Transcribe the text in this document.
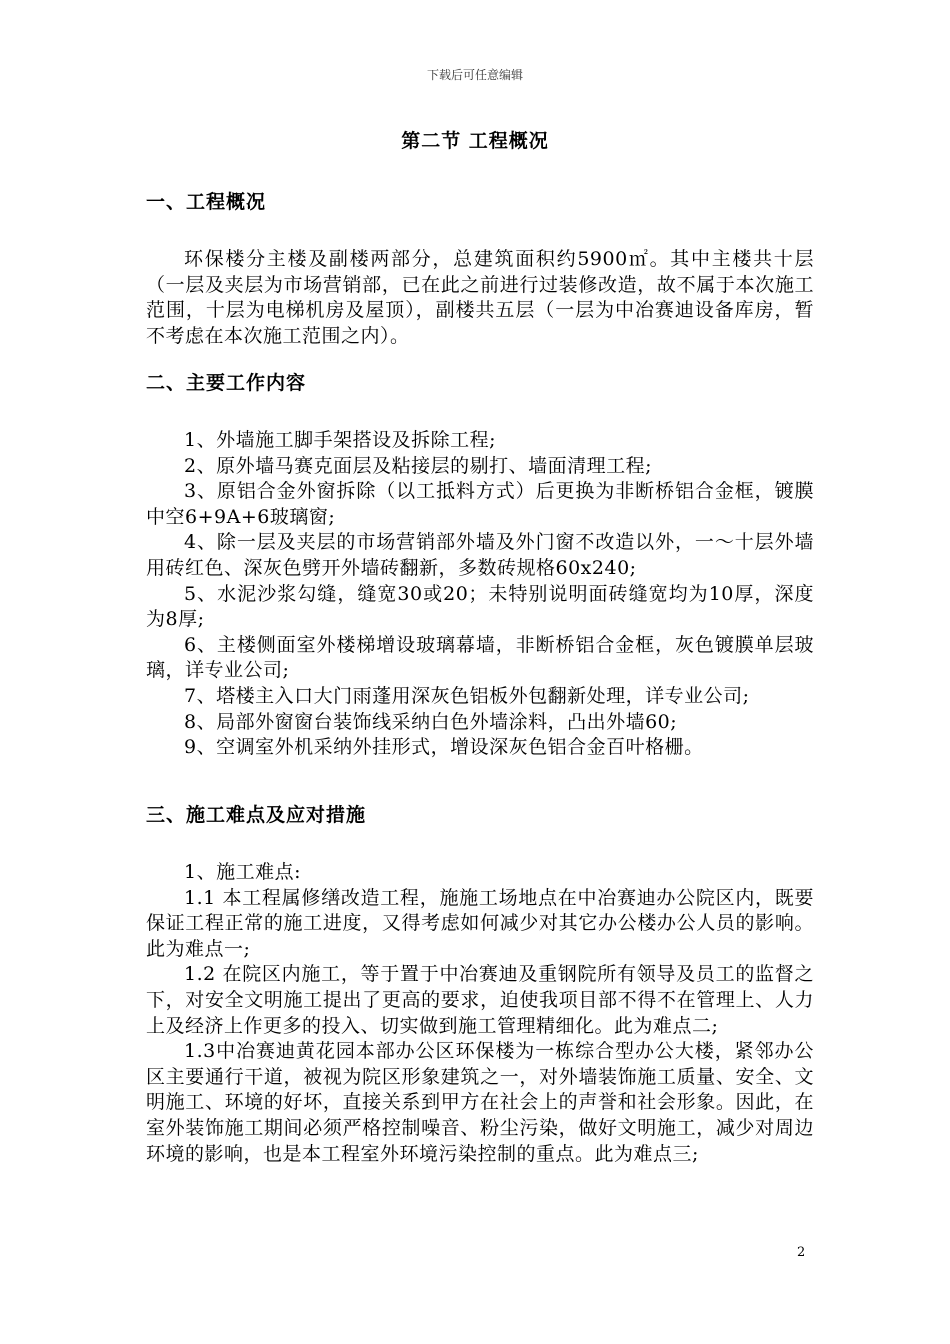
下载后可任意编辑
第二节 工程概况
一、工程概况

环保楼分主楼及副楼两部分，总建筑面积约5900㎡。其中主楼共十层（一层及夹层为市场营销部，已在此之前进行过装修改造，故不属于本次施工范围，十层为电梯机房及屋顶），副楼共五层（一层为中冶赛迪设备库房，暂不考虑在本次施工范围之内）。

二、主要工作内容

1、外墙施工脚手架搭设及拆除工程;

2、原外墙马赛克面层及粘接层的剔打、墙面清理工程;

3、原铝合金外窗拆除（以工抵料方式）后更换为非断桥铝合金框，镀膜中空6+9A+6玻璃窗;

4、除一层及夹层的市场营销部外墙及外门窗不改造以外，一～十层外墙用砖红色、深灰色劈开外墙砖翻新，多数砖规格60x240;

5、水泥沙浆勾缝，缝宽30或20；未特别说明面砖缝宽均为10厚，深度为8厚;

6、主楼侧面室外楼梯增设玻璃幕墙，非断桥铝合金框，灰色镀膜单层玻璃，详专业公司;

7、塔楼主入口大门雨蓬用深灰色铝板外包翻新处理，详专业公司;

8、局部外窗窗台装饰线采纳白色外墙涂料，凸出外墙60;

9、空调室外机采纳外挂形式，增设深灰色铝合金百叶格栅。

三、施工难点及应对措施

1、施工难点:

1.1 本工程属修缮改造工程，施施工场地点在中冶赛迪办公院区内，既要保证工程正常的施工进度，又得考虑如何减少对其它办公楼办公人员的影响。此为难点一;

1.2 在院区内施工，等于置于中冶赛迪及重钢院所有领导及员工的监督之下，对安全文明施工提出了更高的要求，迫使我项目部不得不在管理上、人力上及经济上作更多的投入、切实做到施工管理精细化。此为难点二;

1.3中冶赛迪黄花园本部办公区环保楼为一栋综合型办公大楼，紧邻办公区主要通行干道，被视为院区形象建筑之一，对外墙装饰施工质量、安全、文明施工、环境的好坏，直接关系到甲方在社会上的声誉和社会形象。因此，在室外装饰施工期间必须严格控制噪音、粉尘污染，做好文明施工，减少对周边环境的影响，也是本工程室外环境污染控制的重点。此为难点三;

2
